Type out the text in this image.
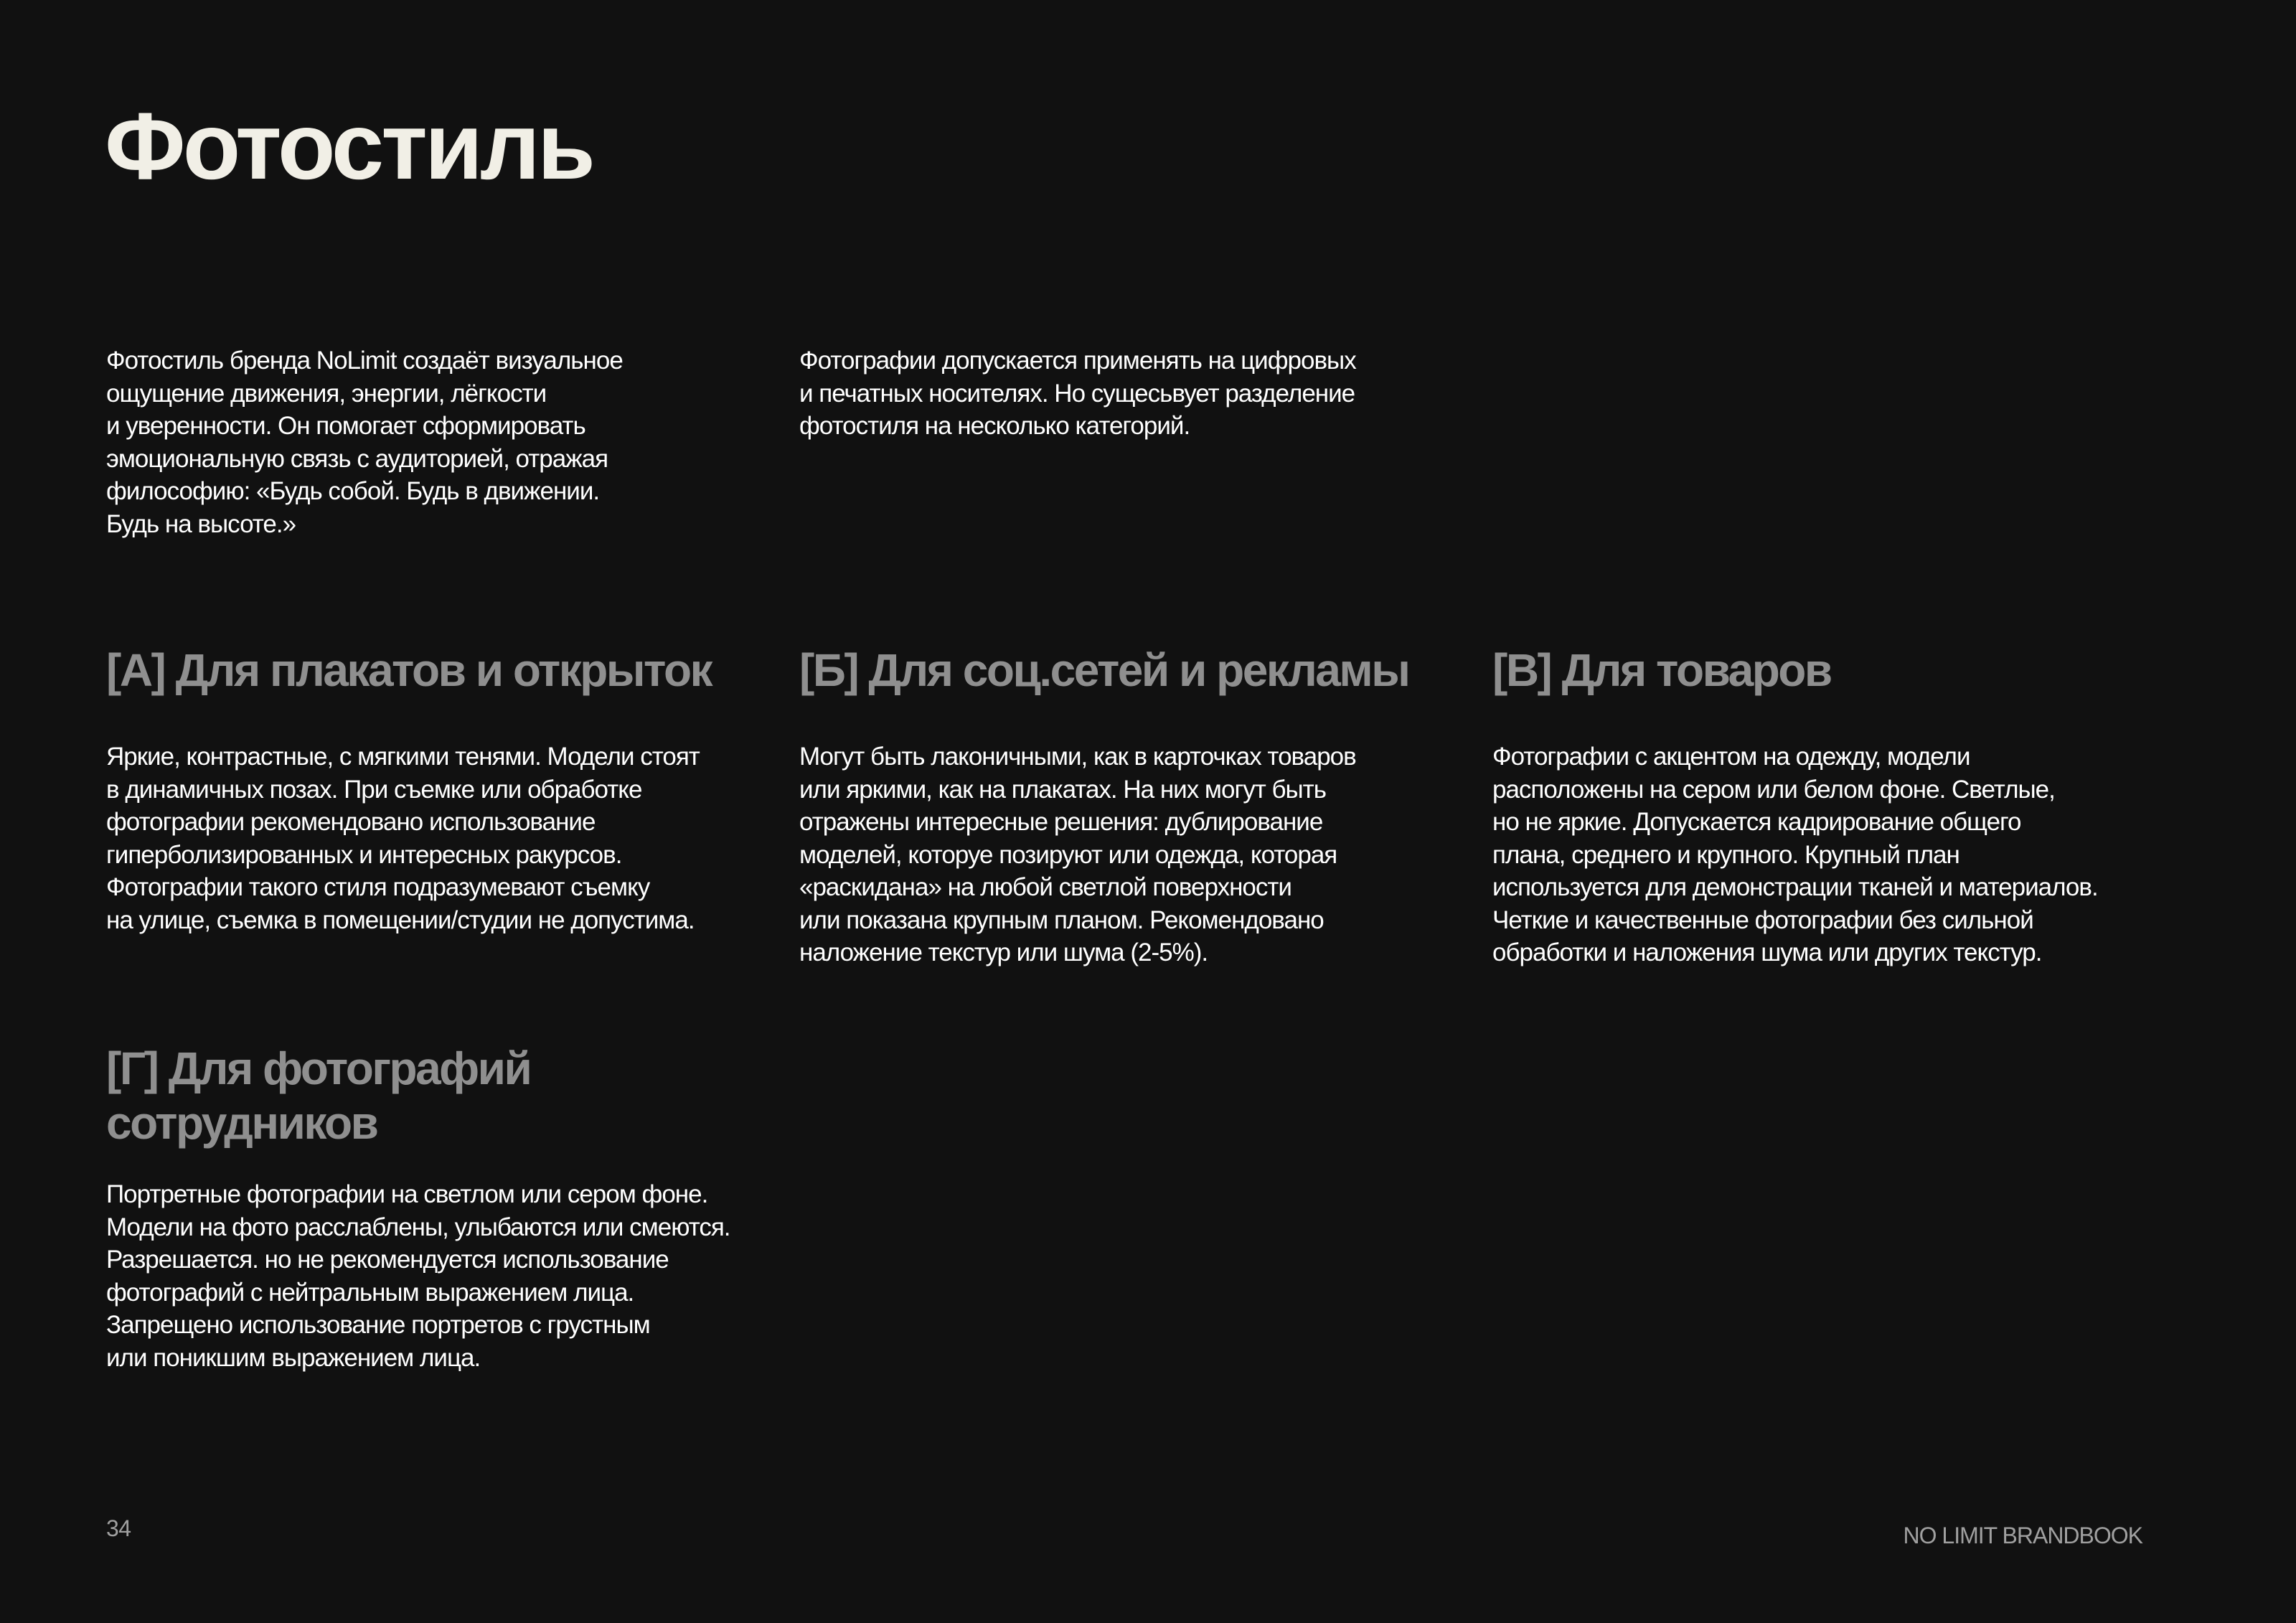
Фотостиль

Фотостиль бренда NoLimit создаёт визуальное
ощущение движения, энергии, лёгкости
и уверенности. Он помогает сформировать
эмоциональную связь с аудиторией, отражая
философию: «Будь собой. Будь в движении.
Будь на высоте.»

Фотографии допускается применять на цифровых
и печатных носителях. Но сущесьвует разделение
фотостиля на несколько категорий.

[А] Для плакатов и открыток

Яркие, контрастные, с мягкими тенями. Модели стоят
в динамичных позах. При съемке или обработке
фотографии рекомендовано использование
гиперболизированных и интересных ракурсов.
Фотографии такого стиля подразумевают съемку
на улице, съемка в помещении/студии не допустима.

[Б] Для соц.сетей и рекламы

Могут быть лаконичными, как в карточках товаров
или яркими, как на плакатах. На них могут быть
отражены интересные решения: дублирование
моделей, которуе позируют или одежда, которая
«раскидана» на любой светлой поверхности
или показана крупным планом. Рекомендовано
наложение текстур или шума (2-5%).

[В] Для товаров

Фотографии с акцентом на одежду, модели
расположены на сером или белом фоне. Светлые,
но не яркие. Допускается кадрирование общего
плана, среднего и крупного. Крупный план
используется для демонстрации тканей и материалов.
Четкие и качественные фотографии без сильной
обработки и наложения шума или других текстур.

[Г] Для фотографий
сотрудников

Портретные фотографии на светлом или сером фоне.
Модели на фото расслаблены, улыбаются или смеются.
Разрешается. но не рекомендуется использование
фотографий с нейтральным выражением лица.
Запрещено использование портретов с грустным
или поникшим выражением лица.

34	NO LIMIT BRANDBOOK
